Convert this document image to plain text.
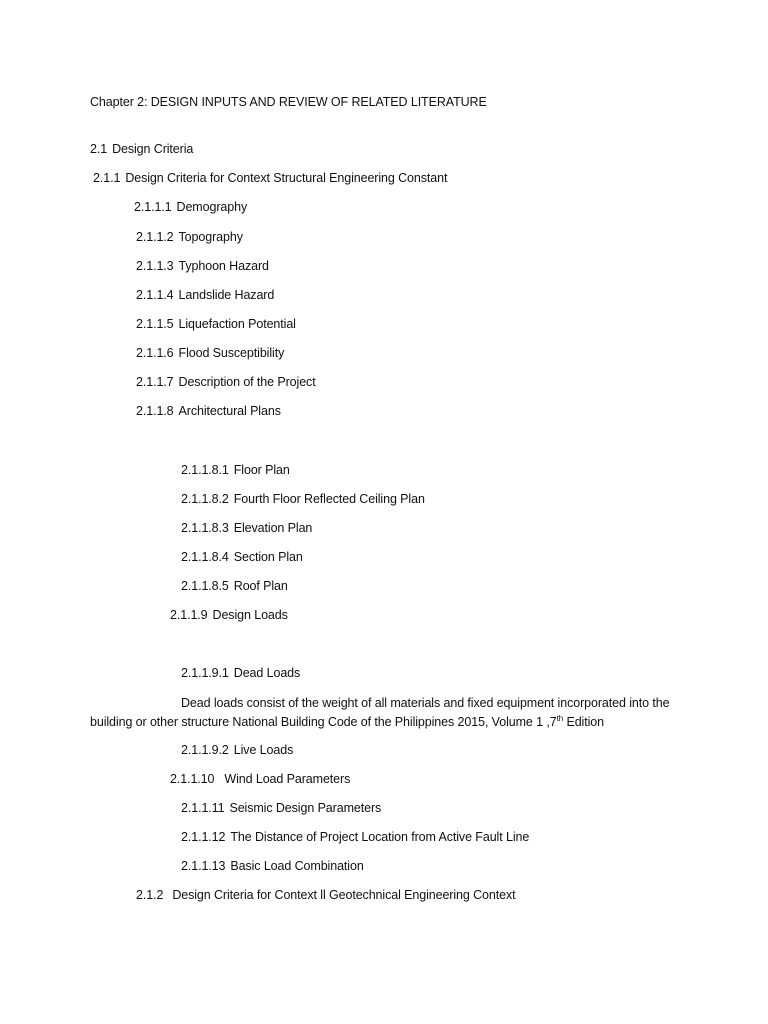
Chapter 2: DESIGN INPUTS AND REVIEW OF RELATED LITERATURE
2.1 Design Criteria
2.1.1 Design Criteria for Context Structural Engineering Constant
2.1.1.1 Demography
2.1.1.2 Topography
2.1.1.3 Typhoon Hazard
2.1.1.4 Landslide Hazard
2.1.1.5 Liquefaction Potential
2.1.1.6 Flood Susceptibility
2.1.1.7 Description of the Project
2.1.1.8 Architectural Plans
2.1.1.8.1 Floor Plan
2.1.1.8.2 Fourth Floor Reflected Ceiling Plan
2.1.1.8.3 Elevation Plan
2.1.1.8.4 Section Plan
2.1.1.8.5 Roof Plan
2.1.1.9 Design Loads
2.1.1.9.1 Dead Loads
Dead loads consist of the weight of all materials and fixed equipment incorporated into the building or other structure National Building Code of the Philippines 2015, Volume 1 ,7th Edition
2.1.1.9.2 Live Loads
2.1.1.10 Wind Load Parameters
2.1.1.11 Seismic Design Parameters
2.1.1.12 The Distance of Project Location from Active Fault Line
2.1.1.13 Basic Load Combination
2.1.2 Design Criteria for Context ll Geotechnical Engineering Context
